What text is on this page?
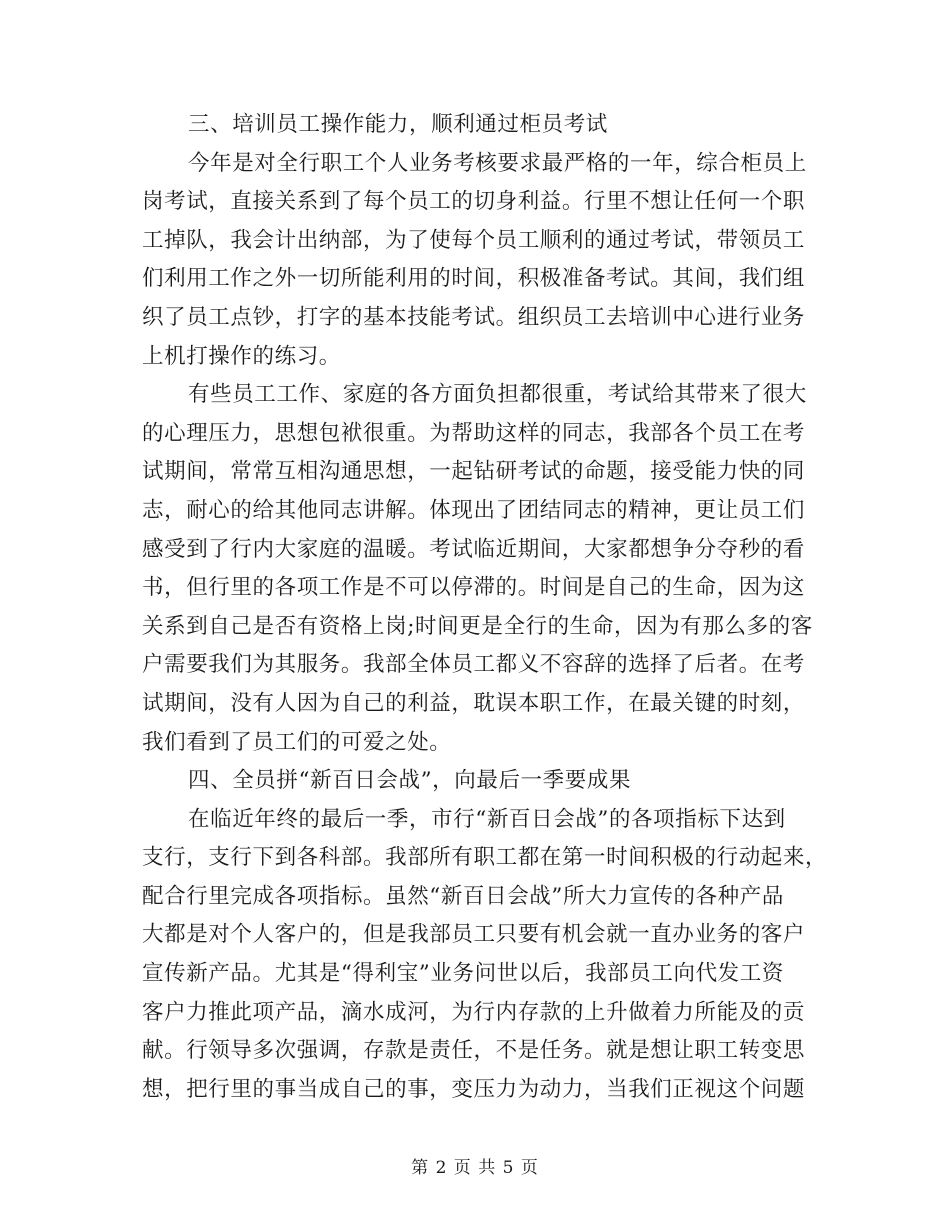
三、培训员工操作能力，顺利通过柜员考试
今年是对全行职工个人业务考核要求最严格的一年，综合柜员上
岗考试，直接关系到了每个员工的切身利益。行里不想让任何一个职
工掉队，我会计出纳部，为了使每个员工顺利的通过考试，带领员工
们利用工作之外一切所能利用的时间，积极准备考试。其间，我们组
织了员工点钞，打字的基本技能考试。组织员工去培训中心进行业务
上机打操作的练习。
有些员工工作、家庭的各方面负担都很重，考试给其带来了很大
的心理压力，思想包袱很重。为帮助这样的同志，我部各个员工在考
试期间，常常互相沟通思想，一起钻研考试的命题，接受能力快的同
志，耐心的给其他同志讲解。体现出了团结同志的精神，更让员工们
感受到了行内大家庭的温暖。考试临近期间，大家都想争分夺秒的看
书，但行里的各项工作是不可以停滞的。时间是自己的生命，因为这
关系到自己是否有资格上岗;时间更是全行的生命，因为有那么多的客
户需要我们为其服务。我部全体员工都义不容辞的选择了后者。在考
试期间，没有人因为自己的利益，耽误本职工作，在最关键的时刻，
我们看到了员工们的可爱之处。
四、全员拼“新百日会战”，向最后一季要成果
在临近年终的最后一季，市行“新百日会战”的各项指标下达到
支行，支行下到各科部。我部所有职工都在第一时间积极的行动起来，
配合行里完成各项指标。虽然“新百日会战”所大力宣传的各种产品
大都是对个人客户的，但是我部员工只要有机会就一直办业务的客户
宣传新产品。尤其是“得利宝”业务问世以后，我部员工向代发工资
客户力推此项产品，滴水成河，为行内存款的上升做着力所能及的贡
献。行领导多次强调，存款是责任，不是任务。就是想让职工转变思
想，把行里的事当成自己的事，变压力为动力，当我们正视这个问题
第 2 页 共 5 页
